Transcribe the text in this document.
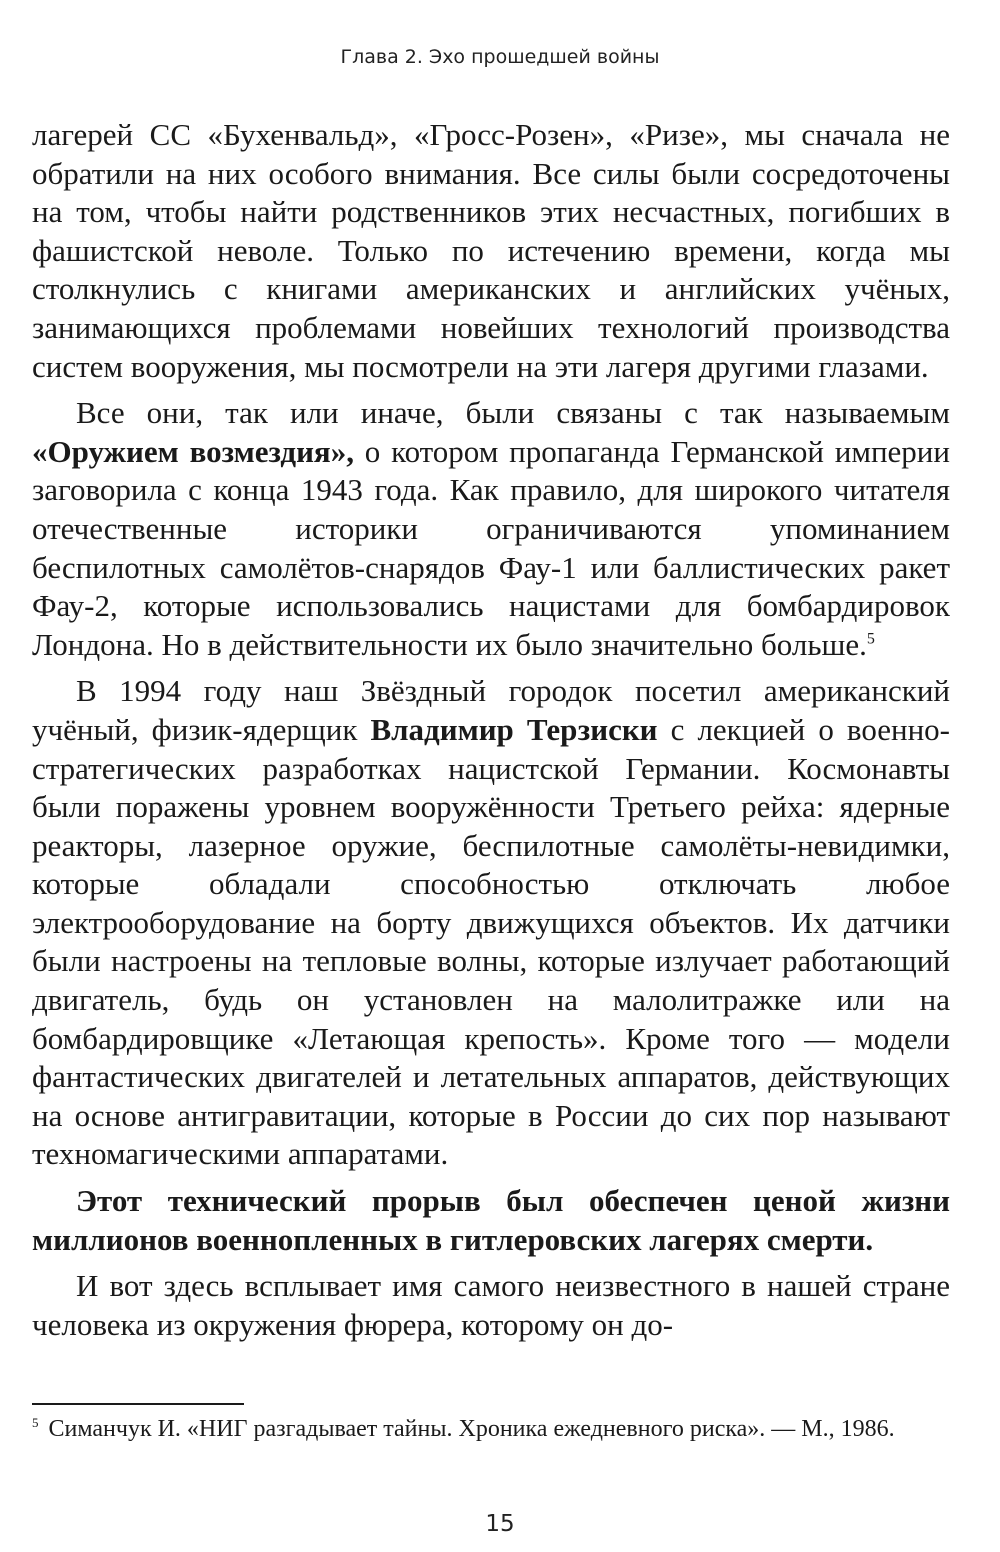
Глава 2. Эхо прошедшей войны

лагерей СС «Бухенвальд», «Гросс-Розен», «Ризе», мы сначала не обратили на них особого внимания. Все силы были сосредоточены на том, чтобы найти родственников этих несчастных, погибших в фашистской неволе. Только по истечению времени, когда мы столкнулись с книгами американских и английских учёных, занимающихся проблемами новейших технологий производства систем вооружения, мы посмотрели на эти лагеря другими глазами.

Все они, так или иначе, были связаны с так называемым «Оружием возмездия», о котором пропаганда Германской империи заговорила с конца 1943 года. Как правило, для широкого читателя отечественные историки ограничиваются упоминанием беспилотных самолётов-снарядов Фау-1 или баллистических ракет Фау-2, которые использовались нацистами для бомбардировок Лондона. Но в действительности их было значительно больше.$^5$

В 1994 году наш Звёздный городок посетил американский учёный, физик-ядерщик Владимир Терзиски с лекцией о военно-стратегических разработках нацистской Германии. Космонавты были поражены уровнем вооружённости Третьего рейха: ядерные реакторы, лазерное оружие, беспилотные самолёты-невидимки, которые обладали способностью отключать любое электрооборудование на борту движущихся объектов. Их датчики были настроены на тепловые волны, которые излучает работающий двигатель, будь он установлен на малолитражке или на бомбардировщике «Летающая крепость». Кроме того — модели фантастических двигателей и летательных аппаратов, действующих на основе антигравитации, которые в России до сих пор называют техномагическими аппаратами.

Этот технический прорыв был обеспечен ценой жизни миллионов военнопленных в гитлеровских лагерях смерти.

И вот здесь всплывает имя самого неизвестного в нашей стране человека из окружения фюрера, которому он до-

$^5$ Симанчук И. «НИГ разгадывает тайны. Хроника ежедневного риска». — М., 1986.
15
